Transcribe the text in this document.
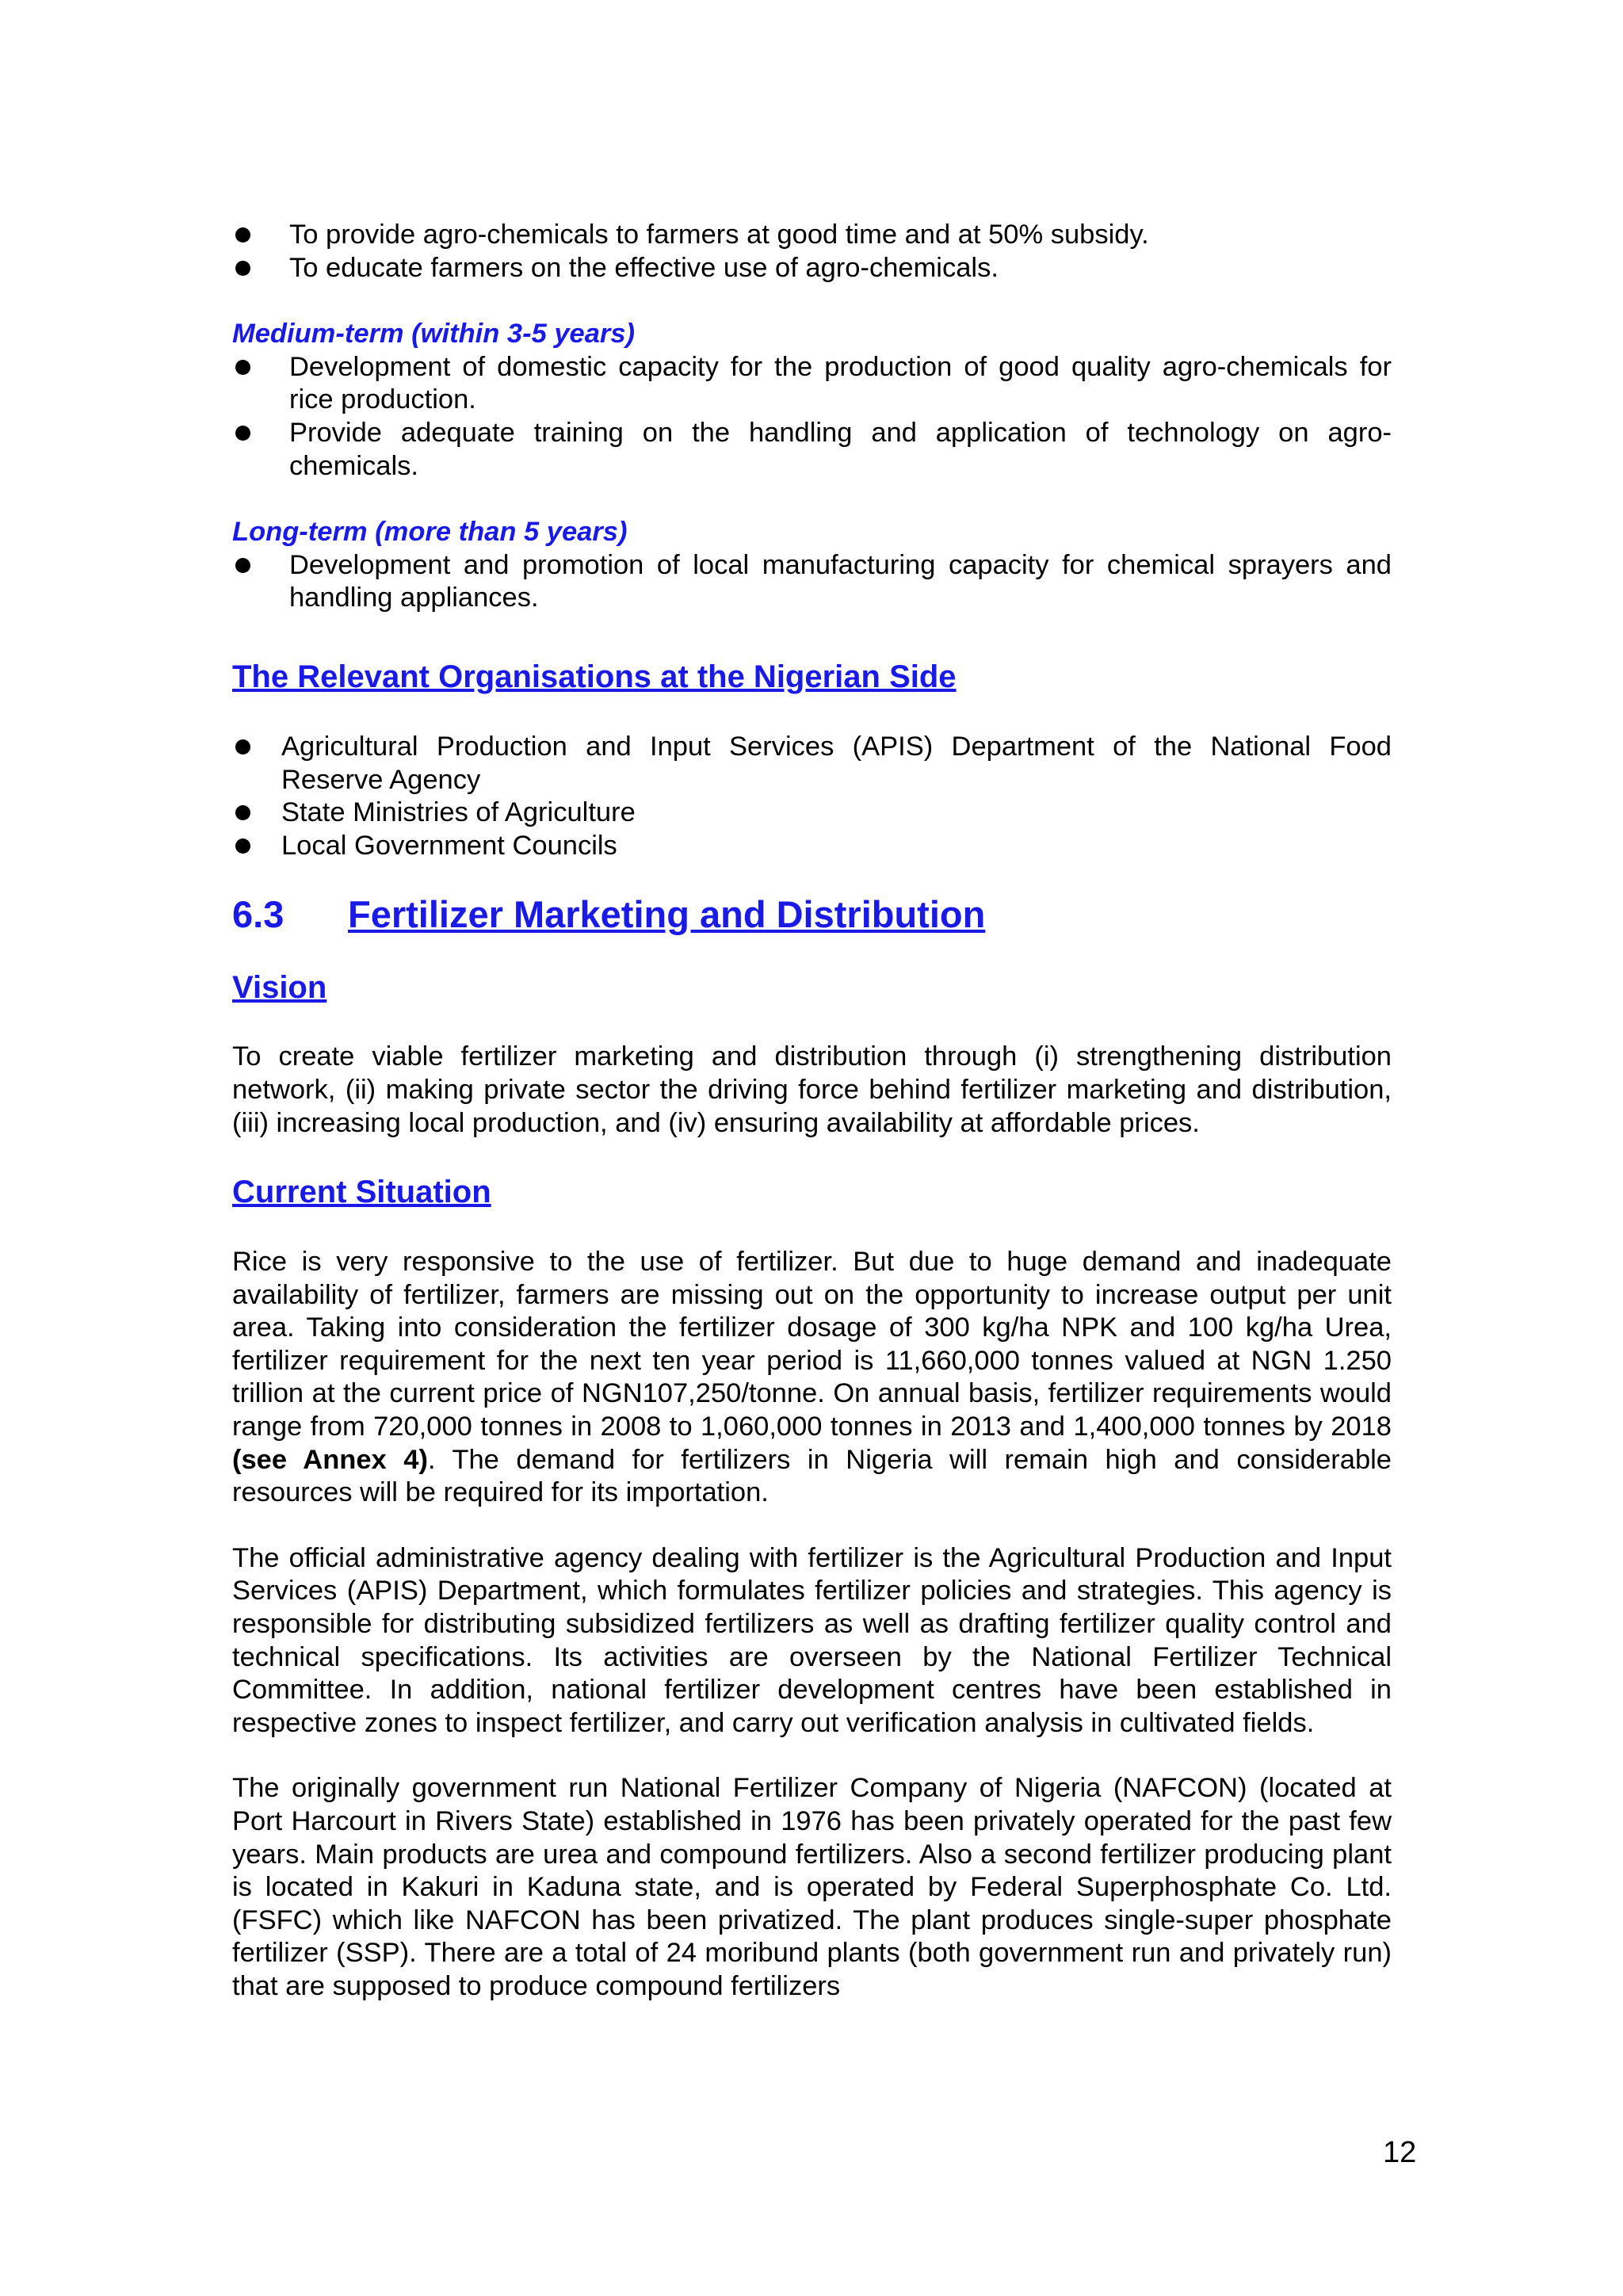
To provide agro-chemicals to farmers at good time and at 50% subsidy.
To educate farmers on the effective use of agro-chemicals.

Medium-term (within 3-5 years)

Development of domestic capacity for the production of good quality agro-chemicals for rice production.
Provide adequate training on the handling and application of technology on agro-chemicals.

Long-term (more than 5 years)

Development and promotion of local manufacturing capacity for chemical sprayers and handling appliances.
The Relevant Organisations at the Nigerian Side
Agricultural Production and Input Services (APIS) Department of the National Food Reserve Agency
State Ministries of Agriculture
Local Government Councils
6.3 Fertilizer Marketing and Distribution
Vision

To create viable fertilizer marketing and distribution through (i) strengthening distribution network, (ii) making private sector the driving force behind fertilizer marketing and distribution, (iii) increasing local production, and (iv) ensuring availability at affordable prices.

Current Situation

Rice is very responsive to the use of fertilizer. But due to huge demand and inadequate availability of fertilizer, farmers are missing out on the opportunity to increase output per unit area. Taking into consideration the fertilizer dosage of 300 kg/ha NPK and 100 kg/ha Urea, fertilizer requirement for the next ten year period is 11,660,000 tonnes valued at NGN 1.250 trillion at the current price of NGN107,250/tonne. On annual basis, fertilizer requirements would range from 720,000 tonnes in 2008 to 1,060,000 tonnes in 2013 and 1,400,000 tonnes by 2018 (see Annex 4). The demand for fertilizers in Nigeria will remain high and considerable resources will be required for its importation.

The official administrative agency dealing with fertilizer is the Agricultural Production and Input Services (APIS) Department, which formulates fertilizer policies and strategies. This agency is responsible for distributing subsidized fertilizers as well as drafting fertilizer quality control and technical specifications. Its activities are overseen by the National Fertilizer Technical Committee. In addition, national fertilizer development centres have been established in respective zones to inspect fertilizer, and carry out verification analysis in cultivated fields.

The originally government run National Fertilizer Company of Nigeria (NAFCON) (located at Port Harcourt in Rivers State) established in 1976 has been privately operated for the past few years. Main products are urea and compound fertilizers. Also a second fertilizer producing plant is located in Kakuri in Kaduna state, and is operated by Federal Superphosphate Co. Ltd. (FSFC) which like NAFCON has been privatized. The plant produces single-super phosphate fertilizer (SSP). There are a total of 24 moribund plants (both government run and privately run) that are supposed to produce compound fertilizers

12
